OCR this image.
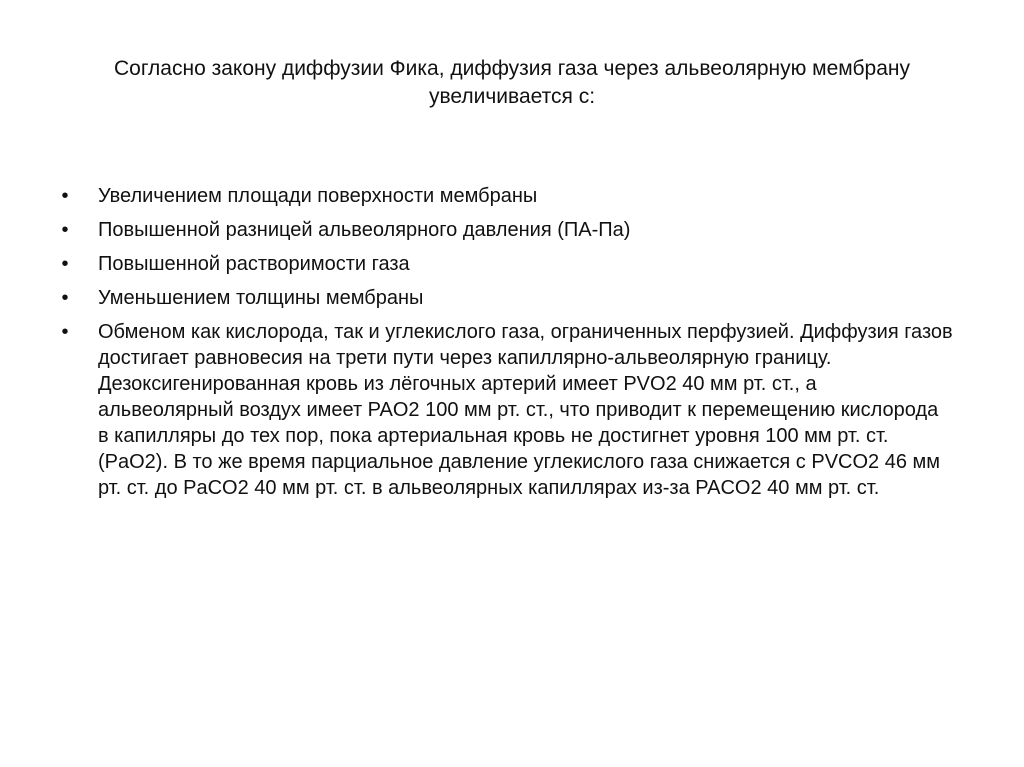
Согласно закону диффузии Фика, диффузия газа через альвеолярную мембрану
увеличивается с:
• Увеличением площади поверхности мембраны
• Повышенной разницей альвеолярного давления (ПА-Па)
• Повышенной растворимости газа
• Уменьшением толщины мембраны
• Обменом как кислорода, так и углекислого газа, ограниченных перфузией. Диффузия газов достигает равновесия на трети пути через капиллярно-альвеолярную границу. Дезоксигенированная кровь из лёгочных артерий имеет PVO2 40 мм рт. ст., а альвеолярный воздух имеет PAO2 100 мм рт. ст., что приводит к перемещению кислорода в капилляры до тех пор, пока артериальная кровь не достигнет уровня 100 мм рт. ст. (PaO2). В то же время парциальное давление углекислого газа снижается с PVCO2 46 мм рт. ст. до PaCO2 40 мм рт. ст. в альвеолярных капиллярах из-за PACO2 40 мм рт. ст.
